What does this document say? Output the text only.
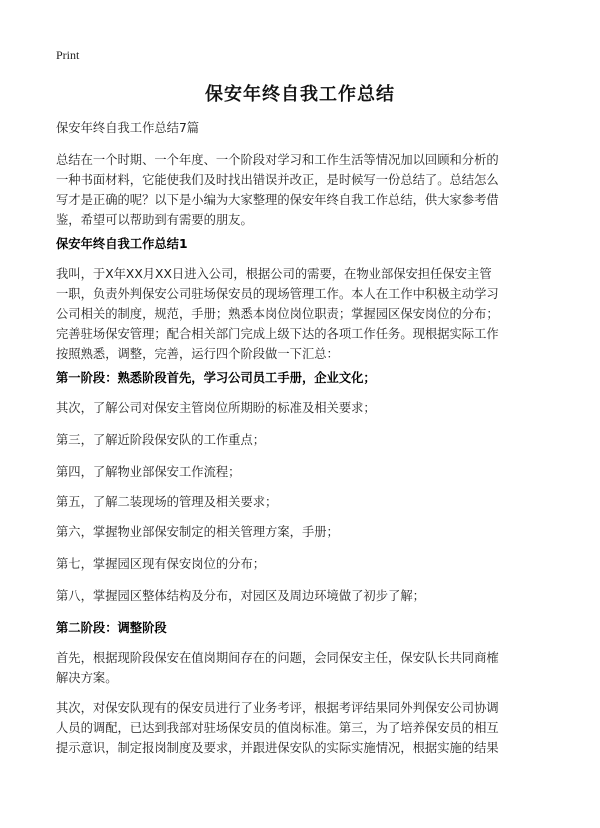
Print
保安年终自我工作总结
保安年终自我工作总结7篇
总结在一个时期、一个年度、一个阶段对学习和工作生活等情况加以回顾和分析的
一种书面材料，它能使我们及时找出错误并改正，是时候写一份总结了。总结怎么
写才是正确的呢？以下是小编为大家整理的保安年终自我工作总结，供大家参考借
鉴，希望可以帮助到有需要的朋友。
保安年终自我工作总结1
我叫，于X年XX月XX日进入公司，根据公司的需要，在物业部保安担任保安主管
一职，负责外判保安公司驻场保安员的现场管理工作。本人在工作中积极主动学习
公司相关的制度，规范，手册；熟悉本岗位岗位职责；掌握园区保安岗位的分布；
完善驻场保安管理；配合相关部门完成上级下达的各项工作任务。现根据实际工作
按照熟悉，调整，完善，运行四个阶段做一下汇总：
第一阶段：熟悉阶段首先，学习公司员工手册，企业文化；
其次，了解公司对保安主管岗位所期盼的标准及相关要求；
第三，了解近阶段保安队的工作重点；
第四，了解物业部保安工作流程；
第五，了解二装现场的管理及相关要求；
第六，掌握物业部保安制定的相关管理方案，手册；
第七，掌握园区现有保安岗位的分布；
第八，掌握园区整体结构及分布，对园区及周边环境做了初步了解；
第二阶段：调整阶段
首先，根据现阶段保安在值岗期间存在的问题，会同保安主任，保安队长共同商榷
解决方案。
其次，对保安队现有的保安员进行了业务考评，根据考评结果同外判保安公司协调
人员的调配，已达到我部对驻场保安员的值岗标准。第三，为了培养保安员的相互
提示意识，制定报岗制度及要求，并跟进保安队的实际实施情况，根据实施的结果
